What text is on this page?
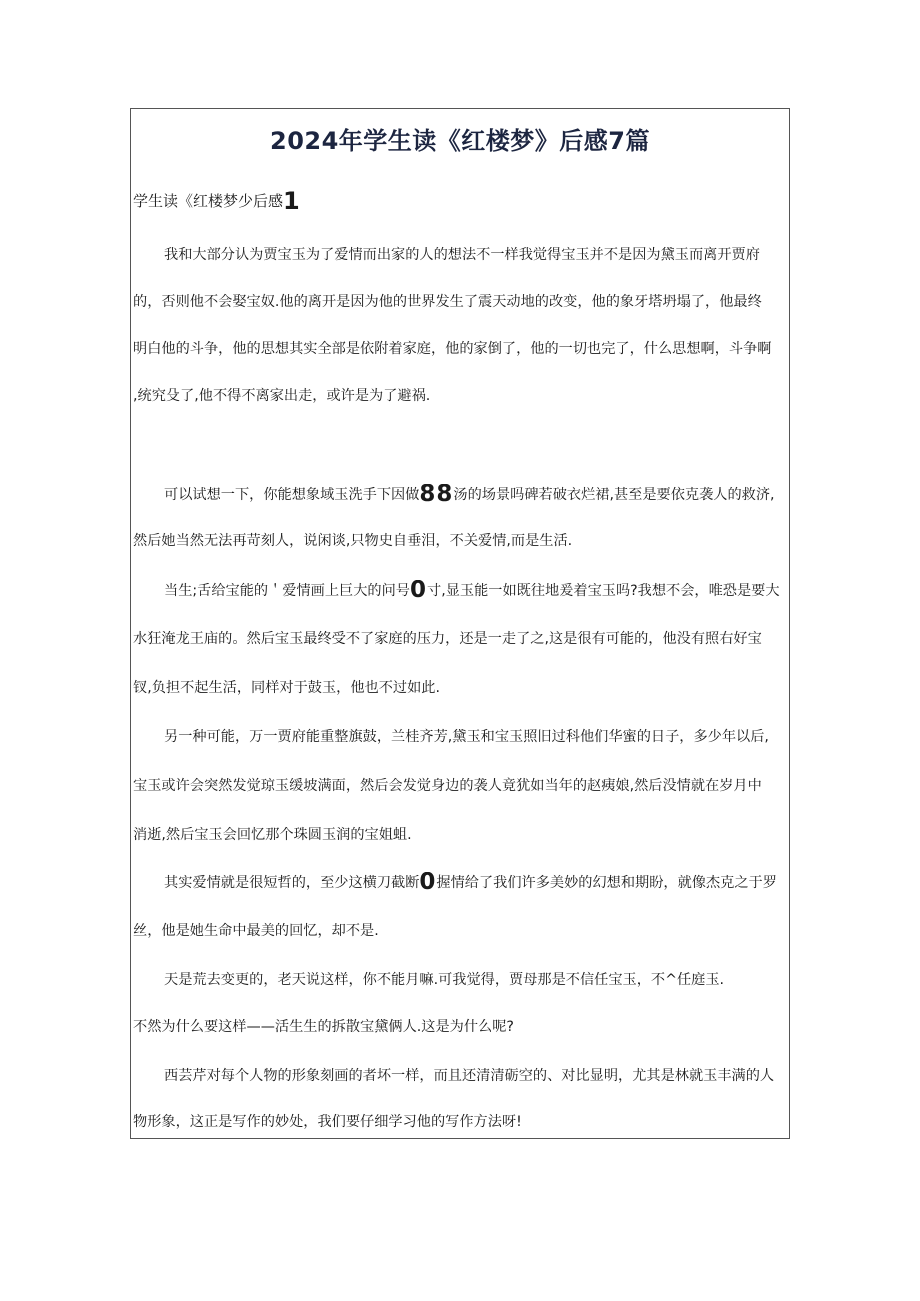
2024年学生读《红楼梦》后感7篇
学生读《红楼梦少后感1
我和大部分认为贾宝玉为了爱情而出家的人的想法不一样我觉得宝玉并不是因为黛玉而离开贾府
的，否则他不会娶宝奴.他的离开是因为他的世界发生了震天动地的改变，他的象牙塔坍塌了，他最终
明白他的斗争，他的思想其实全部是依附着家庭，他的家倒了，他的一切也完了，什么思想啊，斗争啊
,统究殳了,他不得不离家出走，或许是为了避祸.
可以试想一下，你能想象域玉洗手下因做88汤的场景吗碑若破衣烂裙,甚至是要依克袭人的救济,
然后她当然无法再苛刻人，说闲谈,只物史自垂泪，不关爱情,而是生活.
当生;舌给宝能的＇爱情画上巨大的问号0寸,显玉能一如既往地爰着宝玉吗?我想不会，唯恐是要大
水狂淹龙王庙的。然后宝玉最终受不了家庭的压力，还是一走了之,这是很有可能的，他没有照右好宝
钗,负担不起生活，同样对于鼓玉，他也不过如此.
另一种可能，万一贾府能重整旗鼓，兰桂齐芳,黛玉和宝玉照旧过科他们华蜜的日子，多少年以后,
宝玉或许会突然发觉琼玉缓坡满面，然后会发觉身边的袭人竟犹如当年的赵痍娘,然后没情就在岁月中
消逝,然后宝玉会回忆那个珠圆玉润的宝姐蛆.
其实爱情就是很短哲的，至少这横刀截断0握情给了我们许多美妙的幻想和期盼，就像杰克之于罗
丝，他是她生命中最美的回忆，却不是.
天是荒去变更的，老天说这样，你不能月嘛.可我觉得，贾母那是不信任宝玉，不^任庭玉.
不然为什么要这样——活生生的拆散宝黛俩人.这是为什么呢?
西芸芹对每个人物的形象刻画的者坏一样，而且还清清砺空的、对比显明，尤其是林就玉丰满的人
物形象，这正是写作的妙处，我们要仔细学习他的写作方法呀!
